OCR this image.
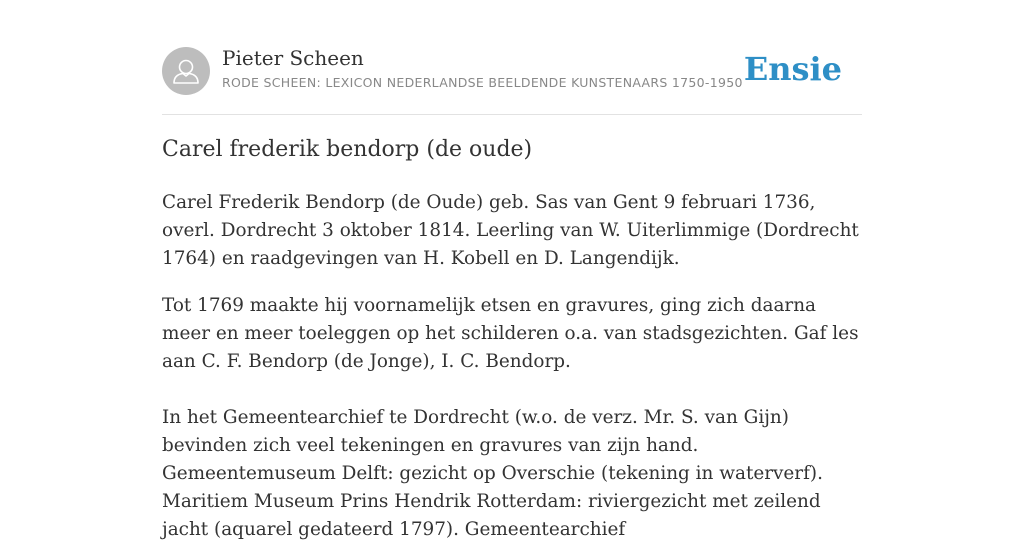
Pieter Scheen
RODE SCHEEN: LEXICON NEDERLANDSE BEELDENDE KUNSTENAARS 1750-1950 Ensie
Carel frederik bendorp (de oude)

Carel Frederik Bendorp (de Oude) geb. Sas van Gent 9 februari 1736, overl. Dordrecht 3 oktober 1814. Leerling van W. Uiterlimmige (Dordrecht 1764) en raadgevingen van H. Kobell en D. Langendijk.

Tot 1769 maakte hij voornamelijk etsen en gravures, ging zich daarna meer en meer toeleggen op het schilderen o.a. van stadsgezichten. Gaf les aan C. F. Bendorp (de Jonge), I. C. Bendorp.

In het Gemeentearchief te Dordrecht (w.o. de verz. Mr. S. van Gijn) bevinden zich veel tekeningen en gravures van zijn hand. Gemeentemuseum Delft: gezicht op Overschie (tekening in waterverf). Maritiem Museum Prins Hendrik Rotterdam: riviergezicht met zeilend jacht (aquarel gedateerd 1797). Gemeentearchief
